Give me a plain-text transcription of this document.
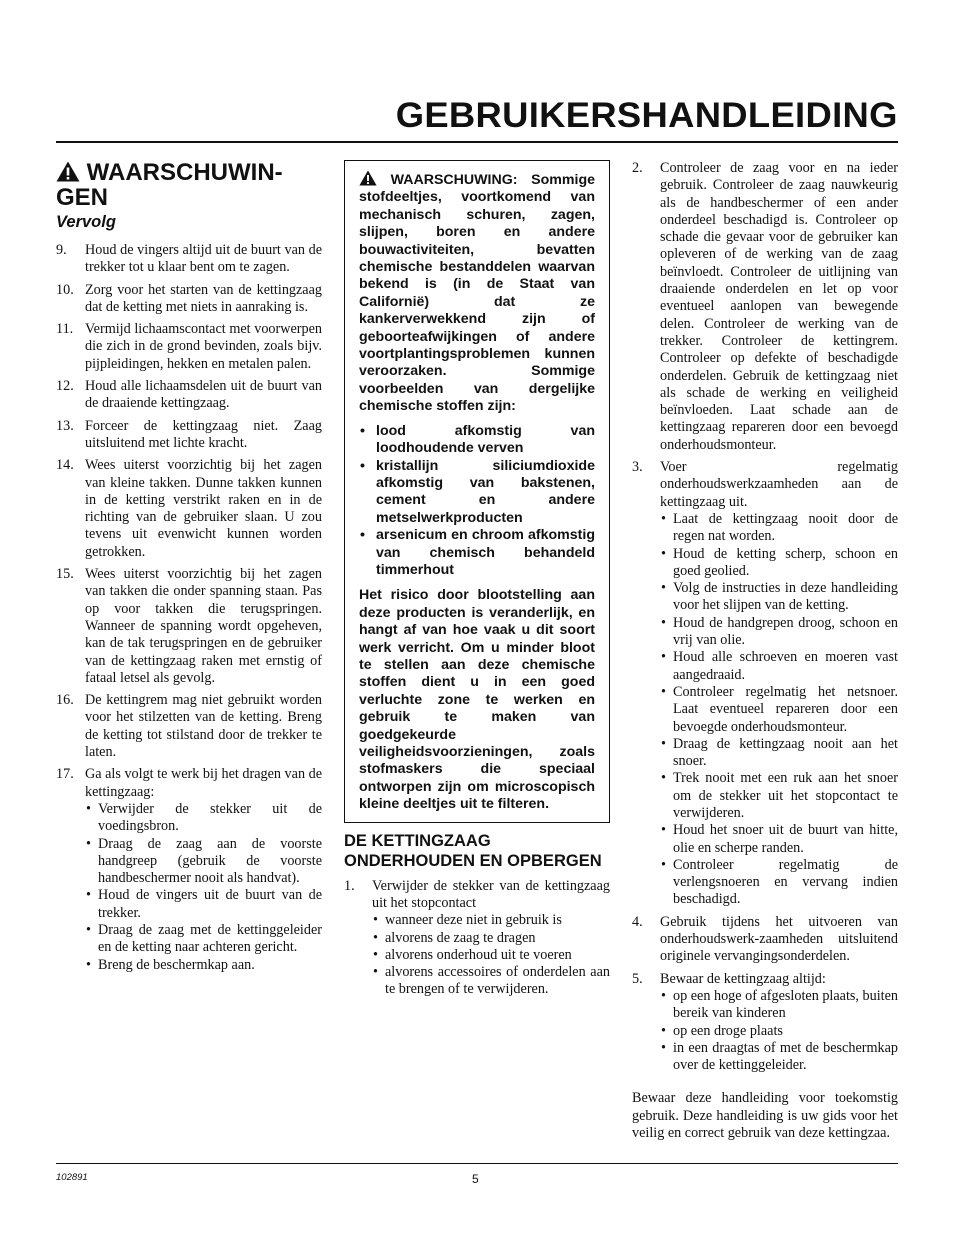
GEBRUIKERSHANDLEIDING
WAARSCHUWIN-GEN
Vervolg
9. Houd de vingers altijd uit de buurt van de trekker tot u klaar bent om te zagen.
10. Zorg voor het starten van de kettingzaag dat de ketting met niets in aanraking is.
11. Vermijd lichaamscontact met voorwerpen die zich in de grond bevinden, zoals bijv. pijpleidingen, hekken en metalen palen.
12. Houd alle lichaamsdelen uit de buurt van de draaiende kettingzaag.
13. Forceer de kettingzaag niet. Zaag uitsluitend met lichte kracht.
14. Wees uiterst voorzichtig bij het zagen van kleine takken. Dunne takken kunnen in de ketting verstrikt raken en in de richting van de gebruiker slaan. U zou tevens uit evenwicht kunnen worden getrokken.
15. Wees uiterst voorzichtig bij het zagen van takken die onder spanning staan. Pas op voor takken die terugspringen. Wanneer de spanning wordt opgeheven, kan de tak terugspringen en de gebruiker van de kettingzaag raken met ernstig of fataal letsel als gevolg.
16. De kettingrem mag niet gebruikt worden voor het stilzetten van de ketting. Breng de ketting tot stilstand door de trekker te laten.
17. Ga als volgt te werk bij het dragen van de kettingzaag:
• Verwijder de stekker uit de voedingsbron.
• Draag de zaag aan de voorste handgreep (gebruik de voorste handbeschermer nooit als handvat).
• Houd de vingers uit de buurt van de trekker.
• Draag de zaag met de kettinggeleider en de ketting naar achteren gericht.
• Breng de beschermkap aan.

WAARSCHUWING: Sommige stofdeeltjes, voortkomend van mechanisch schuren, zagen, slijpen, boren en andere bouwactiviteiten, bevatten chemische bestanddelen waarvan bekend is (in de Staat van Californië) dat ze kankerverwekkend zijn of geboorteafwijkingen of andere voortplantingsproblemen kunnen veroorzaken. Sommige voorbeelden van dergelijke chemische stoffen zijn:

• lood afkomstig van loodhoudende verven
• kristallijn siliciumdioxide afkomstig van bakstenen, cement en andere metselwerkproducten
• arsenicum en chroom afkomstig van chemisch behandeld timmerhout

Het risico door blootstelling aan deze producten is veranderlijk, en hangt af van hoe vaak u dit soort werk verricht. Om u minder bloot te stellen aan deze chemische stoffen dient u in een goed verluchte zone te werken en gebruik te maken van goedgekeurde veiligheidsvoorzieningen, zoals stofmaskers die speciaal ontworpen zijn om microscopisch kleine deeltjes uit te filteren.

DE KETTINGZAAG ONDERHOUDEN EN OPBERGEN
1. Verwijder de stekker van de kettingzaag uit het stopcontact
• wanneer deze niet in gebruik is
• alvorens de zaag te dragen
• alvorens onderhoud uit te voeren
• alvorens accessoires of onderdelen aan te brengen of te verwijderen.
2. Controleer de zaag voor en na ieder gebruik. Controleer de zaag nauwkeurig als de handbeschermer of een ander onderdeel beschadigd is. Controleer op schade die gevaar voor de gebruiker kan opleveren of de werking van de zaag beïnvloedt. Controleer de uitlijning van draaiende onderdelen en let op voor eventueel aanlopen van bewegende delen. Controleer de werking van de trekker. Controleer de kettingrem. Controleer op defekte of beschadigde onderdelen. Gebruik de kettingzaag niet als schade de werking en veiligheid beïnvloeden. Laat schade aan de kettingzaag repareren door een bevoegd onderhoudsmonteur.
3. Voer regelmatig onderhoudswerkzaamheden aan de kettingzaag uit.
• Laat de kettingzaag nooit door de regen nat worden.
• Houd de ketting scherp, schoon en goed geolied.
• Volg de instructies in deze handleiding voor het slijpen van de ketting.
• Houd de handgrepen droog, schoon en vrij van olie.
• Houd alle schroeven en moeren vast aangedraaid.
• Controleer regelmatig het netsnoer. Laat eventueel repareren door een bevoegde onderhoudsmonteur.
• Draag de kettingzaag nooit aan het snoer.
• Trek nooit met een ruk aan het snoer om de stekker uit het stopcontact te verwijderen.
• Houd het snoer uit de buurt van hitte, olie en scherpe randen.
• Controleer regelmatig de verlengsnoeren en vervang indien beschadigd.
4. Gebruik tijdens het uitvoeren van onderhoudswerk-zaamheden uitsluitend originele vervangingsonderdelen.
5. Bewaar de kettingzaag altijd:
• op een hoge of afgesloten plaats, buiten bereik van kinderen
• op een droge plaats
• in een draagtas of met de beschermkap over de kettinggeleider.

Bewaar deze handleiding voor toekomstig gebruik. Deze handleiding is uw gids voor het veilig en correct gebruik van deze kettingzaa.

102891	5
